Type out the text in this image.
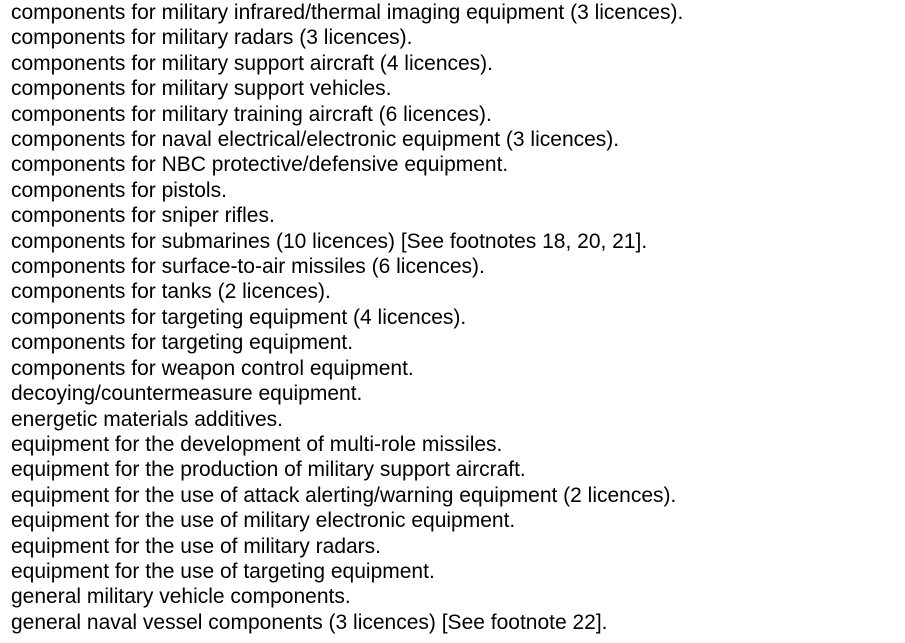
components for military infrared/thermal imaging equipment (3 licences).
components for military radars (3 licences).
components for military support aircraft (4 licences).
components for military support vehicles.
components for military training aircraft (6 licences).
components for naval electrical/electronic equipment (3 licences).
components for NBC protective/defensive equipment.
components for pistols.
components for sniper rifles.
components for submarines (10 licences) [See footnotes 18, 20, 21].
components for surface-to-air missiles (6 licences).
components for tanks (2 licences).
components for targeting equipment (4 licences).
components for targeting equipment.
components for weapon control equipment.
decoying/countermeasure equipment.
energetic materials additives.
equipment for the development of multi-role missiles.
equipment for the production of military support aircraft.
equipment for the use of attack alerting/warning equipment (2 licences).
equipment for the use of military electronic equipment.
equipment for the use of military radars.
equipment for the use of targeting equipment.
general military vehicle components.
general naval vessel components (3 licences) [See footnote 22].
